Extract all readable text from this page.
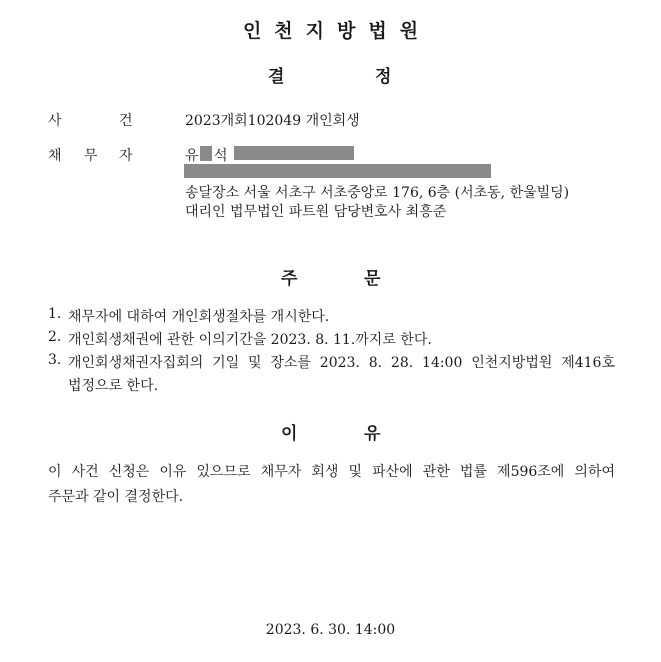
인천지방법원
결	정
사	건	2023개회102049 개인회생
채 무 자	유 석
송달장소 서울 서초구 서초중앙로 176, 6층 (서초동, 한울빌딩)
대리인 법무법인 파트원 담당변호사 최흥준
주	문
1. 채무자에 대하여 개인회생절차를 개시한다.
2. 개인회생채권에 관한 이의기간을 2023. 8. 11.까지로 한다.
3. 개인회생채권자집회의 기일 및 장소를 2023. 8. 28. 14:00 인천지방법원 제416호
법정으로 한다.
이	유
이 사건 신청은 이유 있으므로 채무자 회생 및 파산에 관한 법률 제596조에 의하여
주문과 같이 결정한다.
2023. 6. 30. 14:00
